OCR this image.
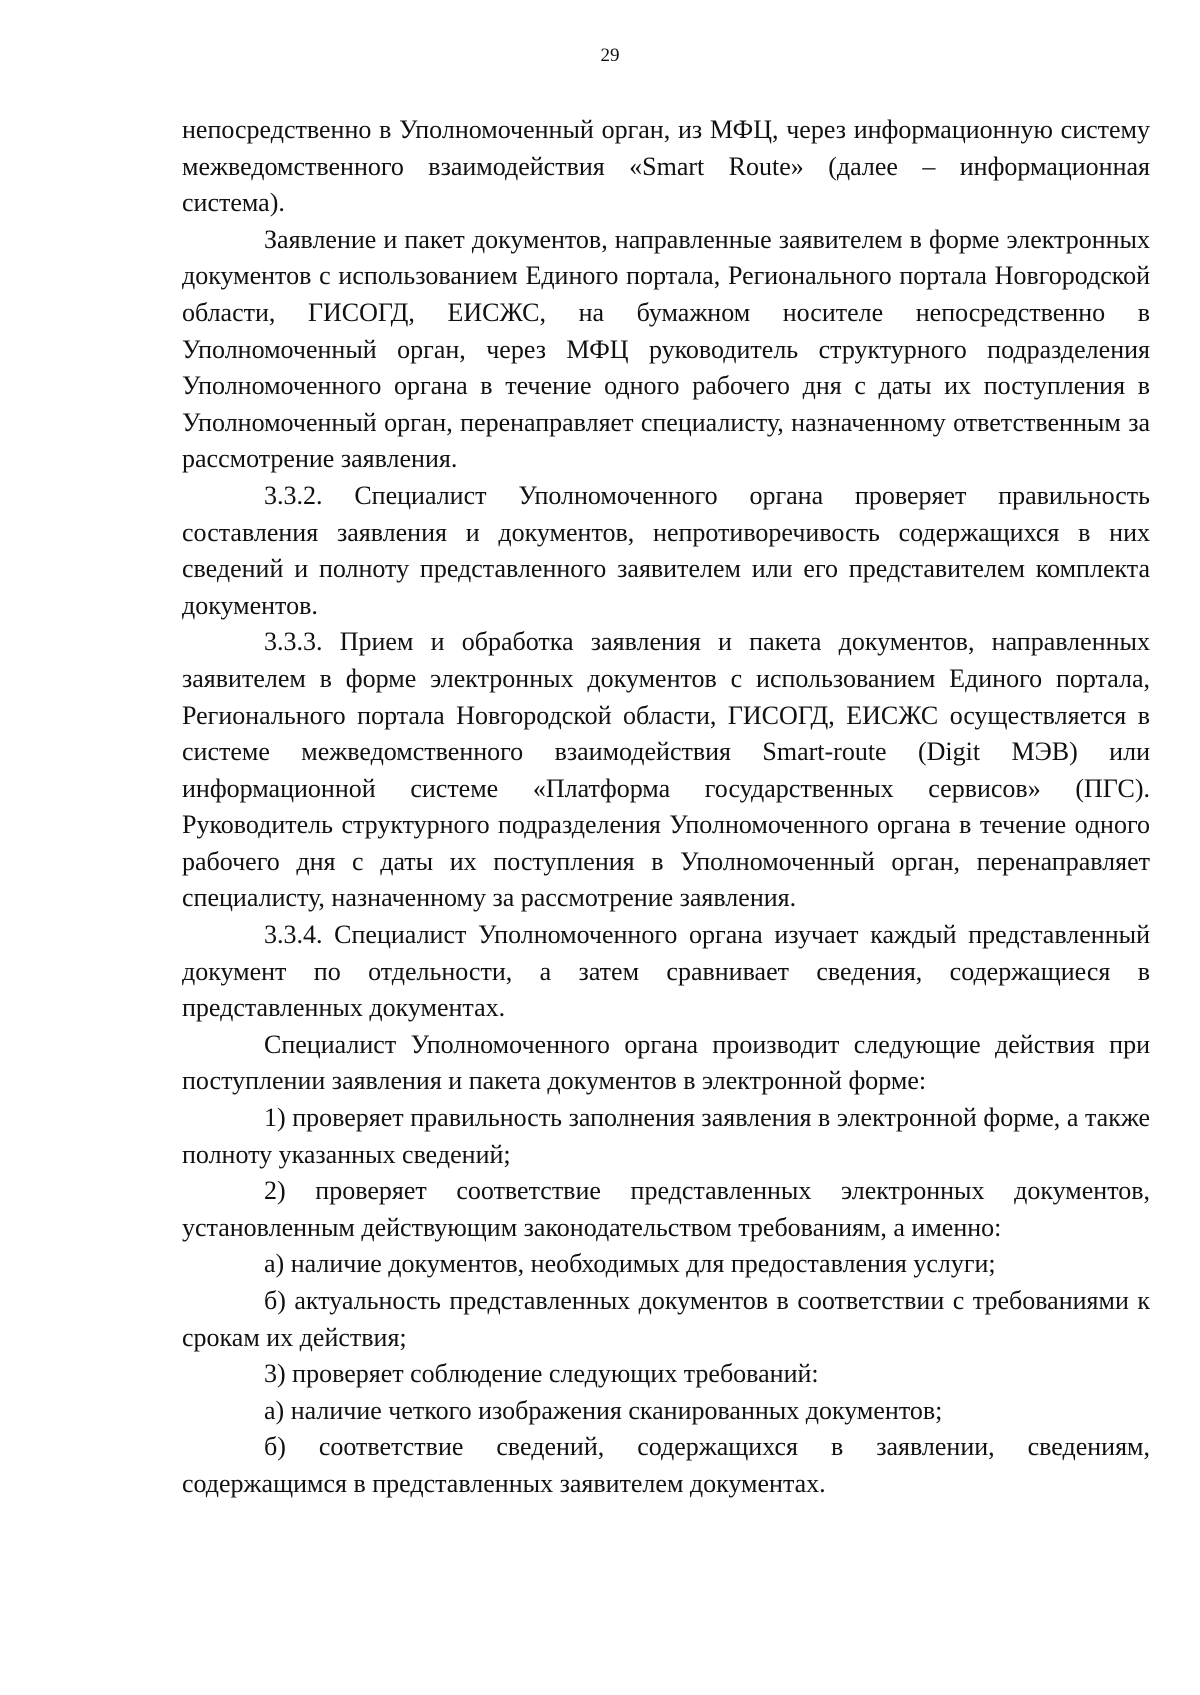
29

непосредственно в Уполномоченный орган, из МФЦ, через информационную систему межведомственного взаимодействия «Smart Route» (далее – информационная система).

Заявление и пакет документов, направленные заявителем в форме электронных документов с использованием Единого портала, Регионального портала Новгородской области, ГИСОГД, ЕИСЖС, на бумажном носителе непосредственно в Уполномоченный орган, через МФЦ руководитель структурного подразделения Уполномоченного органа в течение одного рабочего дня с даты их поступления в Уполномоченный орган, перенаправляет специалисту, назначенному ответственным за рассмотрение заявления.

3.3.2. Специалист Уполномоченного органа проверяет правильность составления заявления и документов, непротиворечивость содержащихся в них сведений и полноту представленного заявителем или его представителем комплекта документов.

3.3.3. Прием и обработка заявления и пакета документов, направленных заявителем в форме электронных документов с использованием Единого портала, Регионального портала Новгородской области, ГИСОГД, ЕИСЖС осуществляется в системе межведомственного взаимодействия Smart-route (Digit МЭВ) или информационной системе «Платформа государственных сервисов» (ПГС). Руководитель структурного подразделения Уполномоченного органа в течение одного рабочего дня с даты их поступления в Уполномоченный орган, перенаправляет специалисту, назначенному за рассмотрение заявления.

3.3.4. Специалист Уполномоченного органа изучает каждый представленный документ по отдельности, а затем сравнивает сведения, содержащиеся в представленных документах.

Специалист Уполномоченного органа производит следующие действия при поступлении заявления и пакета документов в электронной форме:

1) проверяет правильность заполнения заявления в электронной форме, а также полноту указанных сведений;

2) проверяет соответствие представленных электронных документов, установленным действующим законодательством требованиям, а именно:

а) наличие документов, необходимых для предоставления услуги;

б) актуальность представленных документов в соответствии с требованиями к срокам их действия;

3) проверяет соблюдение следующих требований:

а) наличие четкого изображения сканированных документов;

б) соответствие сведений, содержащихся в заявлении, сведениям, содержащимся в представленных заявителем документах.
